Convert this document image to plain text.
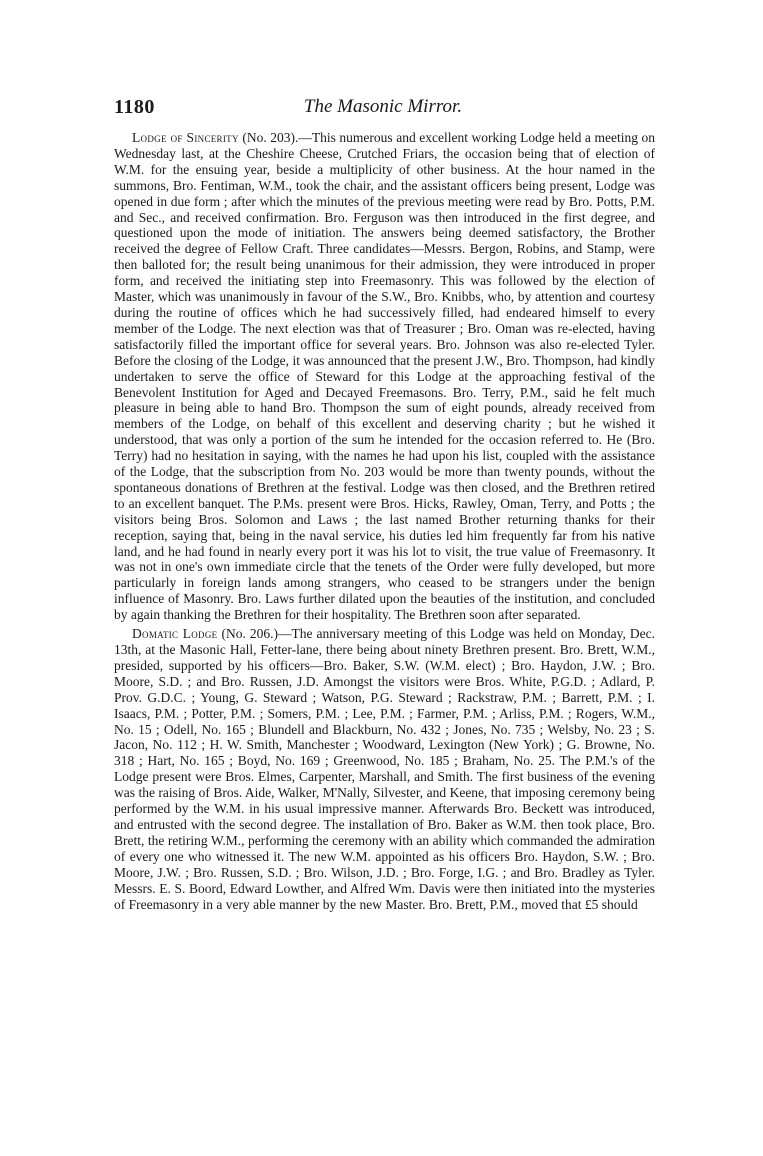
1180	The Masonic Mirror.

Lodge of Sincerity (No. 203).—This numerous and excellent working Lodge held a meeting on Wednesday last, at the Cheshire Cheese, Crutched Friars, the occasion being that of election of W.M. for the ensuing year, beside a multiplicity of other business. At the hour named in the summons, Bro. Fentiman, W.M., took the chair, and the assistant officers being present, Lodge was opened in due form ; after which the minutes of the previous meeting were read by Bro. Potts, P.M. and Sec., and received confirmation. Bro. Ferguson was then introduced in the first degree, and questioned upon the mode of initiation. The answers being deemed satisfactory, the Brother received the degree of Fellow Craft. Three candidates—Messrs. Bergon, Robins, and Stamp, were then balloted for; the result being unanimous for their admission, they were introduced in proper form, and received the initiating step into Freemasonry. This was followed by the election of Master, which was unanimously in favour of the S.W., Bro. Knibbs, who, by attention and courtesy during the routine of offices which he had successively filled, had endeared himself to every member of the Lodge. The next election was that of Treasurer ; Bro. Oman was re-elected, having satisfactorily filled the important office for several years. Bro. Johnson was also re-elected Tyler. Before the closing of the Lodge, it was announced that the present J.W., Bro. Thompson, had kindly undertaken to serve the office of Steward for this Lodge at the approaching festival of the Benevolent Institution for Aged and Decayed Freemasons. Bro. Terry, P.M., said he felt much pleasure in being able to hand Bro. Thompson the sum of eight pounds, already received from members of the Lodge, on behalf of this excellent and deserving charity ; but he wished it understood, that was only a portion of the sum he intended for the occasion referred to. He (Bro. Terry) had no hesitation in saying, with the names he had upon his list, coupled with the assistance of the Lodge, that the subscription from No. 203 would be more than twenty pounds, without the spontaneous donations of Brethren at the festival. Lodge was then closed, and the Brethren retired to an excellent banquet. The P.Ms. present were Bros. Hicks, Rawley, Oman, Terry, and Potts ; the visitors being Bros. Solomon and Laws ; the last named Brother returning thanks for their reception, saying that, being in the naval service, his duties led him frequently far from his native land, and he had found in nearly every port it was his lot to visit, the true value of Freemasonry. It was not in one's own immediate circle that the tenets of the Order were fully developed, but more particularly in foreign lands among strangers, who ceased to be strangers under the benign influence of Masonry. Bro. Laws further dilated upon the beauties of the institution, and concluded by again thanking the Brethren for their hospitality. The Brethren soon after separated.

Domatic Lodge (No. 206.)—The anniversary meeting of this Lodge was held on Monday, Dec. 13th, at the Masonic Hall, Fetter-lane, there being about ninety Brethren present. Bro. Brett, W.M., presided, supported by his officers—Bro. Baker, S.W. (W.M. elect) ; Bro. Haydon, J.W. ; Bro. Moore, S.D. ; and Bro. Russen, J.D. Amongst the visitors were Bros. White, P.G.D. ; Adlard, P. Prov. G.D.C. ; Young, G. Steward ; Watson, P.G. Steward ; Rackstraw, P.M. ; Barrett, P.M. ; I. Isaacs, P.M. ; Potter, P.M. ; Somers, P.M. ; Lee, P.M. ; Farmer, P.M. ; Arliss, P.M. ; Rogers, W.M., No. 15 ; Odell, No. 165 ; Blundell and Blackburn, No. 432 ; Jones, No. 735 ; Welsby, No. 23 ; S. Jacon, No. 112 ; H. W. Smith, Manchester ; Woodward, Lexington (New York) ; G. Browne, No. 318 ; Hart, No. 165 ; Boyd, No. 169 ; Greenwood, No. 185 ; Braham, No. 25. The P.M.'s of the Lodge present were Bros. Elmes, Carpenter, Marshall, and Smith. The first business of the evening was the raising of Bros. Aide, Walker, M'Nally, Silvester, and Keene, that imposing ceremony being performed by the W.M. in his usual impressive manner. Afterwards Bro. Beckett was introduced, and entrusted with the second degree. The installation of Bro. Baker as W.M. then took place, Bro. Brett, the retiring W.M., performing the ceremony with an ability which commanded the admiration of every one who witnessed it. The new W.M. appointed as his officers Bro. Haydon, S.W. ; Bro. Moore, J.W. ; Bro. Russen, S.D. ; Bro. Wilson, J.D. ; Bro. Forge, I.G. ; and Bro. Bradley as Tyler. Messrs. E. S. Boord, Edward Lowther, and Alfred Wm. Davis were then initiated into the mysteries of Freemasonry in a very able manner by the new Master. Bro. Brett, P.M., moved that £5 should
